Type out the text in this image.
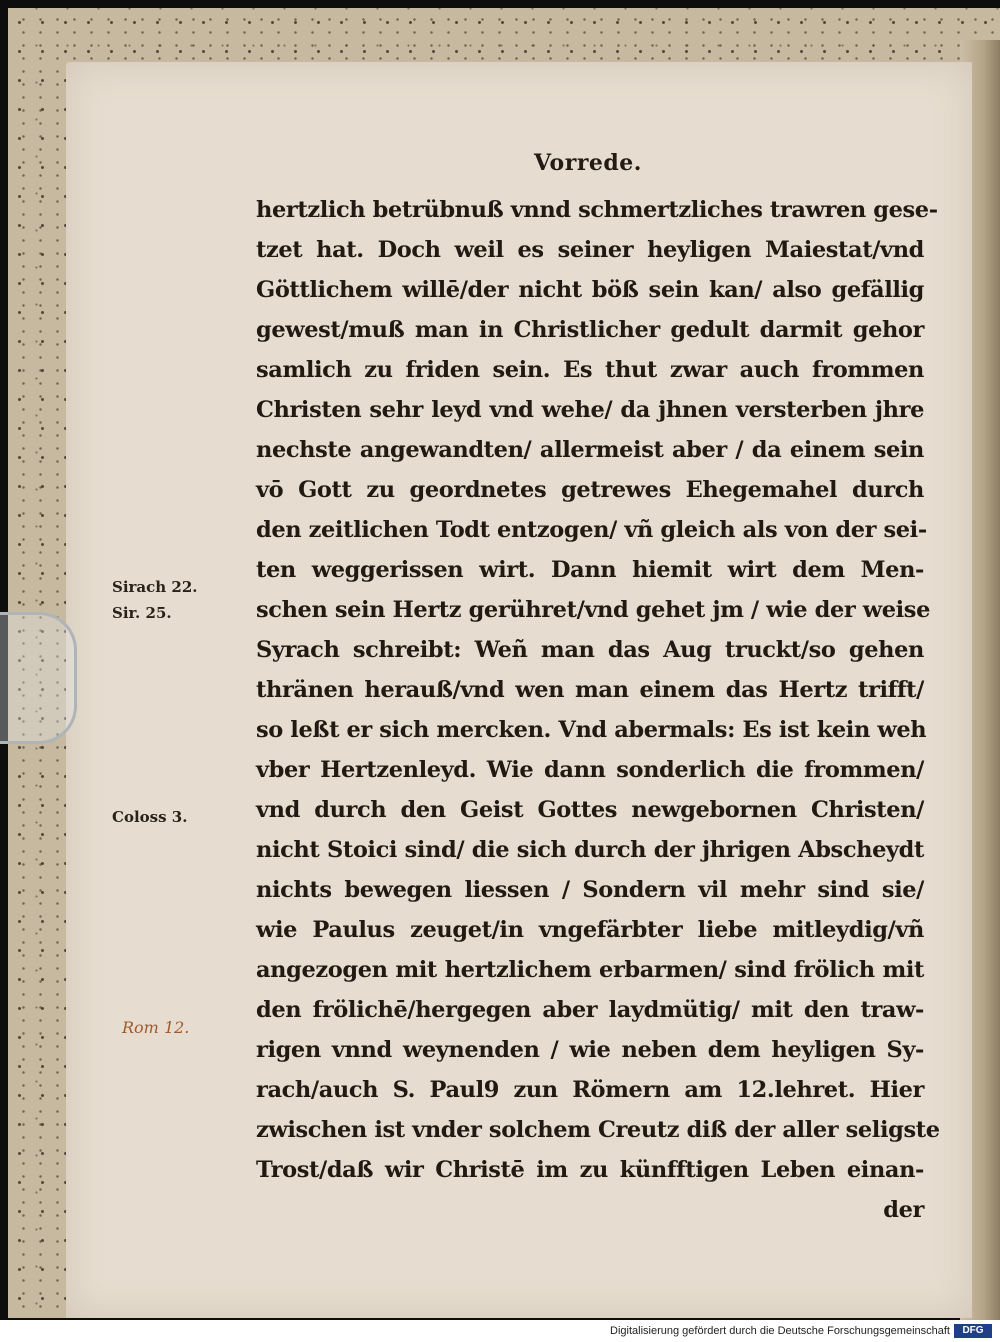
Vorrede.
hertzlich betrübnuß vnnd schmertzliches trawren gese-
tzet hat. Doch weil es seiner heyligen Maiestat/vnd
Göttlichem willē/der nicht böß sein kan/ also gefällig
gewest/muß man in Christlicher gedult darmit gehor
samlich zu friden sein. Es thut zwar auch frommen
Christen sehr leyd vnd wehe/ da jhnen versterben jhre
nechste angewandten/ allermeist aber / da einem sein
vō Gott zu geordnetes getrewes Ehegemahel durch
den zeitlichen Todt entzogen/ vñ gleich als von der sei-
ten weggerissen wirt. Dann hiemit wirt dem Men-
schen sein Hertz gerühret/vnd gehet jm / wie der weise
Syrach schreibt: Weñ man das Aug truckt/so gehen
thränen herauß/vnd wen man einem das Hertz trifft/
so leßt er sich mercken. Vnd abermals: Es ist kein weh
vber Hertzenleyd. Wie dann sonderlich die frommen/
vnd durch den Geist Gottes newgebornen Christen/
nicht Stoici sind/ die sich durch der jhrigen Abscheydt
nichts bewegen liessen / Sondern vil mehr sind sie/
wie Paulus zeuget/in vngefärbter liebe mitleydig/vñ
angezogen mit hertzlichem erbarmen/ sind frölich mit
den frölichē/hergegen aber laydmütig/ mit den traw-
rigen vnnd weynenden / wie neben dem heyligen Sy-
rach/auch S. Paul9 zun Römern am 12.lehret. Hier
zwischen ist vnder solchem Creutz diß der aller seligste
Trost/daß wir Christē im zu künfftigen Leben einan-
der
Sirach 22.
Sir. 25.
Coloss 3.
Rom 12.
Digitalisierung gefördert durch die Deutsche Forschungsgemeinschaft	DFG
